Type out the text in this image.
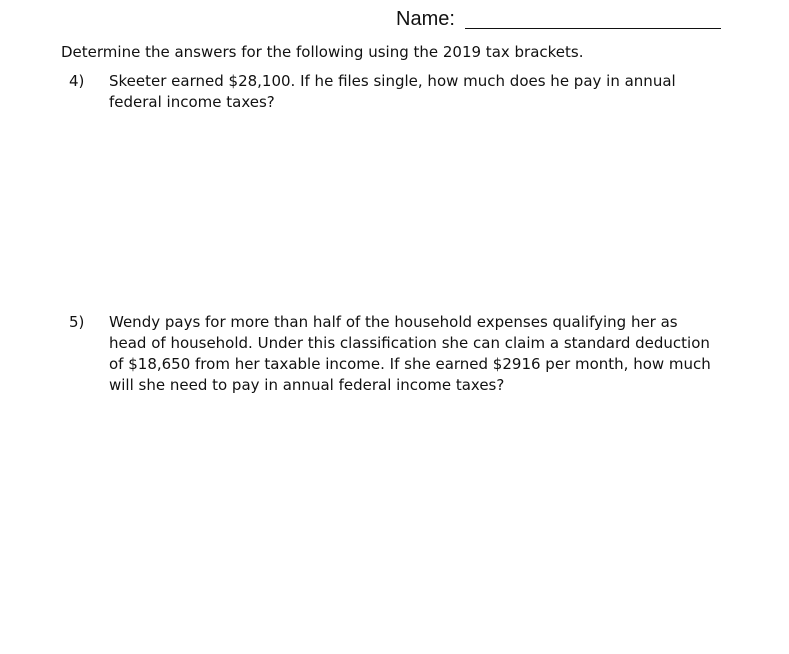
Name:
Determine the answers for the following using the 2019 tax brackets.
4)	Skeeter earned $28,100. If he files single, how much does he pay in annual federal income taxes?
5)	Wendy pays for more than half of the household expenses qualifying her as head of household. Under this classification she can claim a standard deduction of $18,650 from her taxable income. If she earned $2916 per month, how much will she need to pay in annual federal income taxes?
